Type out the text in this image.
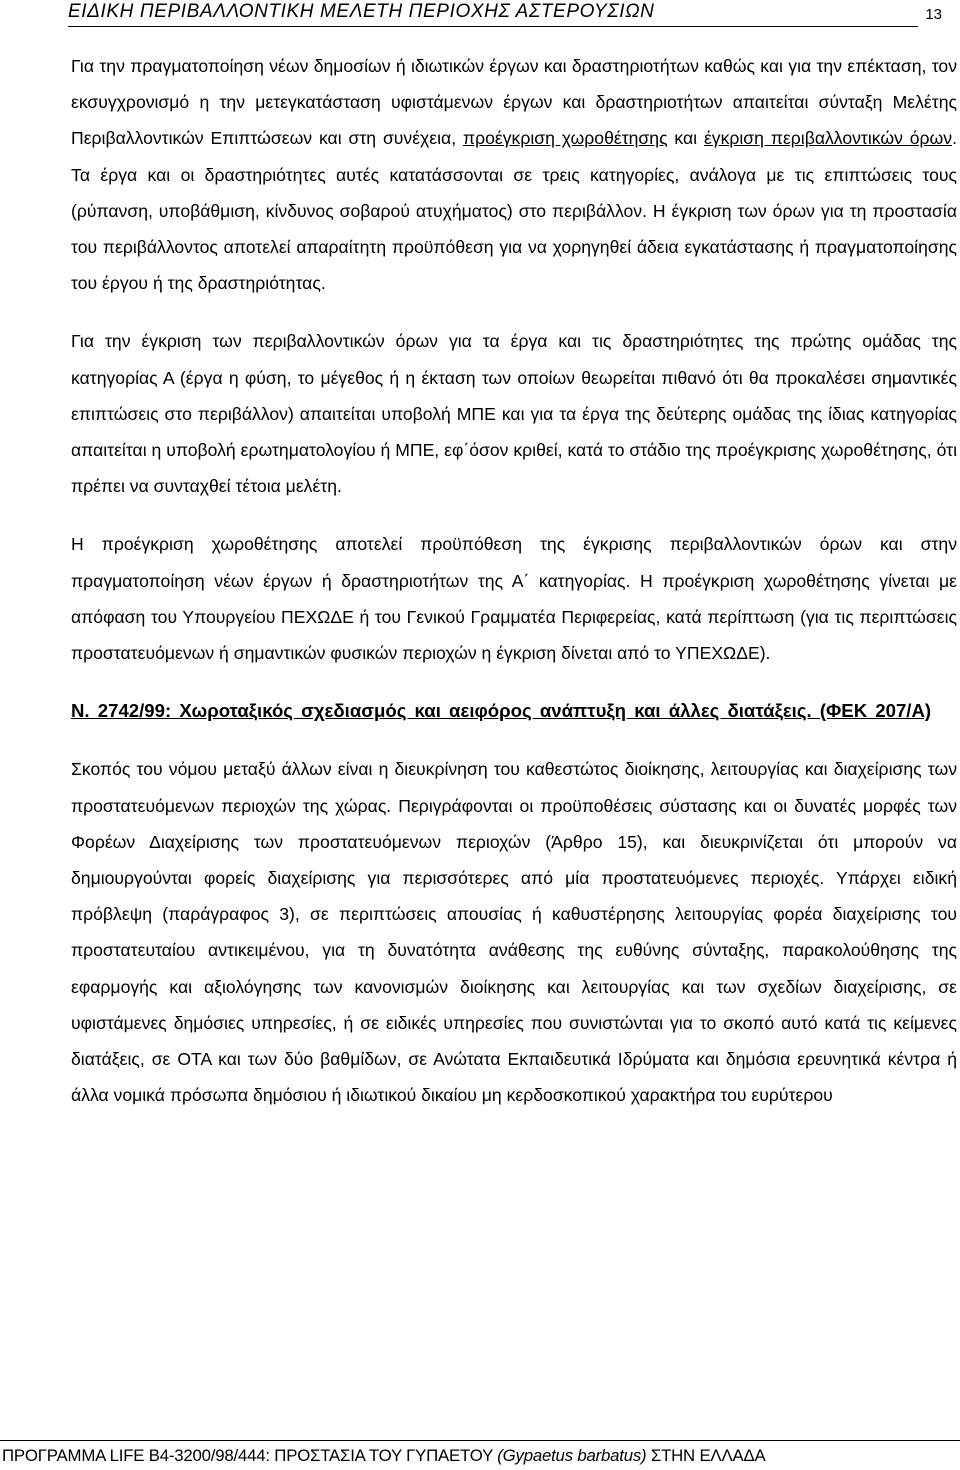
ΕΙΔΙΚΗ ΠΕΡΙΒΑΛΛΟΝΤΙΚΗ ΜΕΛΕΤΗ ΠΕΡΙΟΧΗΣ ΑΣΤΕΡΟΥΣΙΩΝ	13

Για την πραγματοποίηση νέων δημοσίων ή ιδιωτικών έργων και δραστηριοτήτων καθώς και για την επέκταση, τον εκσυγχρονισμό η την μετεγκατάσταση υφιστάμενων έργων και δραστηριοτήτων απαιτείται σύνταξη Μελέτης Περιβαλλοντικών Επιπτώσεων και στη συνέχεια, προέγκριση χωροθέτησης και έγκριση περιβαλλοντικών όρων. Τα έργα και οι δραστηριότητες αυτές κατατάσσονται σε τρεις κατηγορίες, ανάλογα με τις επιπτώσεις τους (ρύπανση, υποβάθμιση, κίνδυνος σοβαρού ατυχήματος) στο περιβάλλον. Η έγκριση των όρων για τη προστασία του περιβάλλοντος αποτελεί απαραίτητη προϋπόθεση για να χορηγηθεί άδεια εγκατάστασης ή πραγματοποίησης του έργου ή της δραστηριότητας.

Για την έγκριση των περιβαλλοντικών όρων για τα έργα και τις δραστηριότητες της πρώτης ομάδας της κατηγορίας Α (έργα η φύση, το μέγεθος ή η έκταση των οποίων θεωρείται πιθανό ότι θα προκαλέσει σημαντικές επιπτώσεις στο περιβάλλον) απαιτείται υποβολή ΜΠΕ και για τα έργα της δεύτερης ομάδας της ίδιας κατηγορίας απαιτείται η υποβολή ερωτηματολογίου ή ΜΠΕ, εφ΄όσον κριθεί, κατά το στάδιο της προέγκρισης χωροθέτησης, ότι πρέπει να συνταχθεί τέτοια μελέτη.

Η προέγκριση χωροθέτησης αποτελεί προϋπόθεση της έγκρισης περιβαλλοντικών όρων και στην πραγματοποίηση νέων έργων ή δραστηριοτήτων της Α΄ κατηγορίας. Η προέγκριση χωροθέτησης γίνεται με απόφαση του Υπουργείου ΠΕΧΩΔΕ ή του Γενικού Γραμματέα Περιφερείας, κατά περίπτωση (για τις περιπτώσεις προστατευόμενων ή σημαντικών φυσικών περιοχών η έγκριση δίνεται από το ΥΠΕΧΩΔΕ).

Ν. 2742/99: Χωροταξικός σχεδιασμός και αειφόρος ανάπτυξη και άλλες διατάξεις. (ΦΕΚ 207/Α)

Σκοπός του νόμου μεταξύ άλλων είναι η διευκρίνηση του καθεστώτος διοίκησης, λειτουργίας και διαχείρισης των προστατευόμενων περιοχών της χώρας. Περιγράφονται οι προϋποθέσεις σύστασης και οι δυνατές μορφές των Φορέων Διαχείρισης των προστατευόμενων περιοχών (Άρθρο 15), και διευκρινίζεται ότι μπορούν να δημιουργούνται φορείς διαχείρισης για περισσότερες από μία προστατευόμενες περιοχές. Υπάρχει ειδική πρόβλεψη (παράγραφος 3), σε περιπτώσεις απουσίας ή καθυστέρησης λειτουργίας φορέα διαχείρισης του προστατευταίου αντικειμένου, για τη δυνατότητα ανάθεσης της ευθύνης σύνταξης, παρακολούθησης της εφαρμογής και αξιολόγησης των κανονισμών διοίκησης και λειτουργίας και των σχεδίων διαχείρισης, σε υφιστάμενες δημόσιες υπηρεσίες, ή σε ειδικές υπηρεσίες που συνιστώνται για το σκοπό αυτό κατά τις κείμενες διατάξεις, σε ΟΤΑ και των δύο βαθμίδων, σε Ανώτατα Εκπαιδευτικά Ιδρύματα και δημόσια ερευνητικά κέντρα ή άλλα νομικά πρόσωπα δημόσιου ή ιδιωτικού δικαίου μη κερδοσκοπικού χαρακτήρα του ευρύτερου

ΠΡΟΓΡΑΜΜΑ LIFE B4-3200/98/444: ΠΡΟΣΤΑΣΙΑ ΤΟΥ ΓΥΠΑΕΤΟΥ (Gypaetus barbatus) ΣΤΗΝ ΕΛΛΑΔΑ
